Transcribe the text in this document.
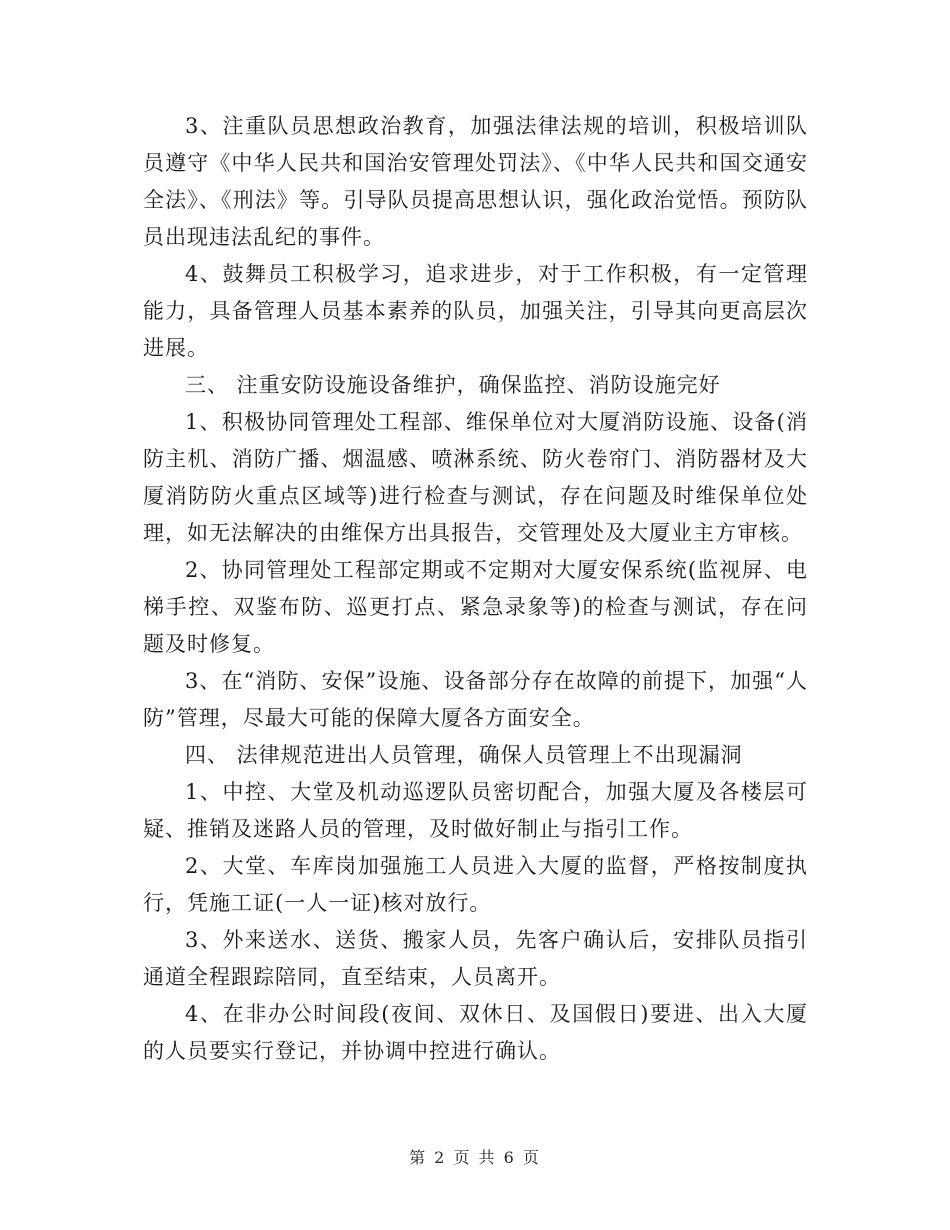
3、注重队员思想政治教育，加强法律法规的培训，积极培训队员遵守《中华人民共和国治安管理处罚法》、《中华人民共和国交通安全法》、《刑法》等。引导队员提高思想认识，强化政治觉悟。预防队员出现违法乱纪的事件。

4、鼓舞员工积极学习，追求进步，对于工作积极，有一定管理能力，具备管理人员基本素养的队员，加强关注，引导其向更高层次进展。

三、 注重安防设施设备维护，确保监控、消防设施完好

1、积极协同管理处工程部、维保单位对大厦消防设施、设备(消防主机、消防广播、烟温感、喷淋系统、防火卷帘门、消防器材及大厦消防防火重点区域等)进行检查与测试，存在问题及时维保单位处理，如无法解决的由维保方出具报告，交管理处及大厦业主方审核。

2、协同管理处工程部定期或不定期对大厦安保系统(监视屏、电梯手控、双鉴布防、巡更打点、紧急录象等)的检查与测试，存在问题及时修复。

3、在“消防、安保”设施、设备部分存在故障的前提下，加强“人防”管理，尽最大可能的保障大厦各方面安全。

四、 法律规范进出人员管理，确保人员管理上不出现漏洞

1、中控、大堂及机动巡逻队员密切配合，加强大厦及各楼层可疑、推销及迷路人员的管理，及时做好制止与指引工作。

2、大堂、车库岗加强施工人员进入大厦的监督，严格按制度执行，凭施工证(一人一证)核对放行。

3、外来送水、送货、搬家人员，先客户确认后，安排队员指引通道全程跟踪陪同，直至结束，人员离开。

4、在非办公时间段(夜间、双休日、及国假日)要进、出入大厦的人员要实行登记，并协调中控进行确认。

第 2 页 共 6 页
